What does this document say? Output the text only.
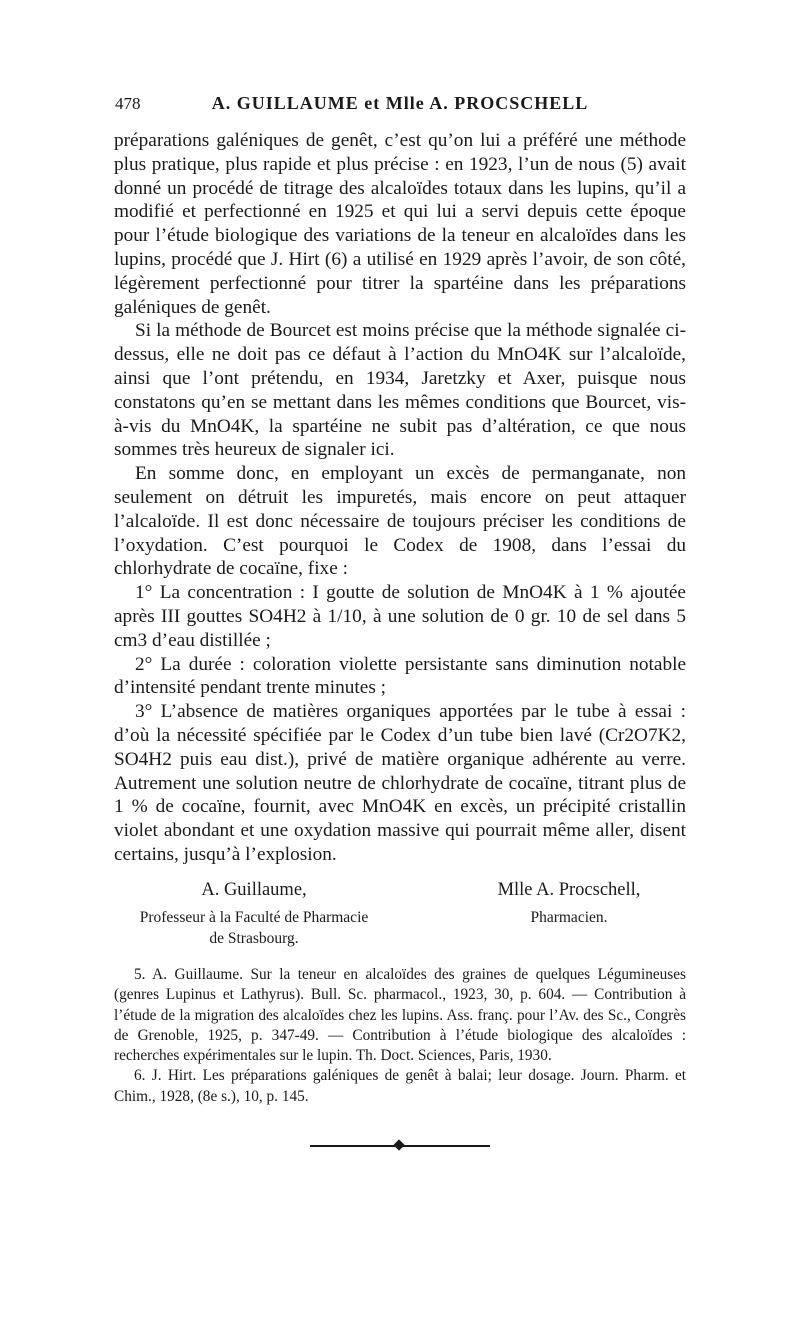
478	A. GUILLAUME et Mlle A. PROCSCHELL

préparations galéniques de genêt, c’est qu’on lui a préféré une méthode plus pratique, plus rapide et plus précise : en 1923, l’un de nous (5) avait donné un procédé de titrage des alcaloïdes totaux dans les lupins, qu’il a modifié et perfectionné en 1925 et qui lui a servi depuis cette époque pour l’étude biologique des variations de la teneur en alcaloïdes dans les lupins, procédé que J. Hirt (6) a utilisé en 1929 après l’avoir, de son côté, légèrement perfectionné pour titrer la spartéine dans les préparations galéniques de genêt.

Si la méthode de Bourcet est moins précise que la méthode signalée ci-dessus, elle ne doit pas ce défaut à l’action du MnO4K sur l’alcaloïde, ainsi que l’ont prétendu, en 1934, Jaretzky et Axer, puisque nous constatons qu’en se mettant dans les mêmes conditions que Bourcet, vis-à-vis du MnO4K, la spartéine ne subit pas d’altération, ce que nous sommes très heureux de signaler ici.

En somme donc, en employant un excès de permanganate, non seulement on détruit les impuretés, mais encore on peut attaquer l’alcaloïde. Il est donc nécessaire de toujours préciser les conditions de l’oxydation. C’est pourquoi le Codex de 1908, dans l’essai du chlorhydrate de cocaïne, fixe :

1° La concentration : I goutte de solution de MnO4K à 1 % ajoutée après III gouttes SO4H2 à 1/10, à une solution de 0 gr. 10 de sel dans 5 cm3 d’eau distillée ;

2° La durée : coloration violette persistante sans diminution notable d’intensité pendant trente minutes ;

3° L’absence de matières organiques apportées par le tube à essai : d’où la nécessité spécifiée par le Codex d’un tube bien lavé (Cr2O7K2, SO4H2 puis eau dist.), privé de matière organique adhérente au verre. Autrement une solution neutre de chlorhydrate de cocaïne, titrant plus de 1 % de cocaïne, fournit, avec MnO4K en excès, un précipité cristallin violet abondant et une oxydation massive qui pourrait même aller, disent certains, jusqu’à l’explosion.

A. Guillaume,
Professeur à la Faculté de Pharmacie
de Strasbourg.
Mlle A. Procschell,
Pharmacien.

5. A. Guillaume. Sur la teneur en alcaloïdes des graines de quelques Légumineuses (genres Lupinus et Lathyrus). Bull. Sc. pharmacol., 1923, 30, p. 604. — Contribution à l’étude de la migration des alcaloïdes chez les lupins. Ass. franç. pour l’Av. des Sc., Congrès de Grenoble, 1925, p. 347-49. — Contribution à l’étude biologique des alcaloïdes : recherches expérimentales sur le lupin. Th. Doct. Sciences, Paris, 1930.

6. J. Hirt. Les préparations galéniques de genêt à balai; leur dosage. Journ. Pharm. et Chim., 1928, (8e s.), 10, p. 145.
